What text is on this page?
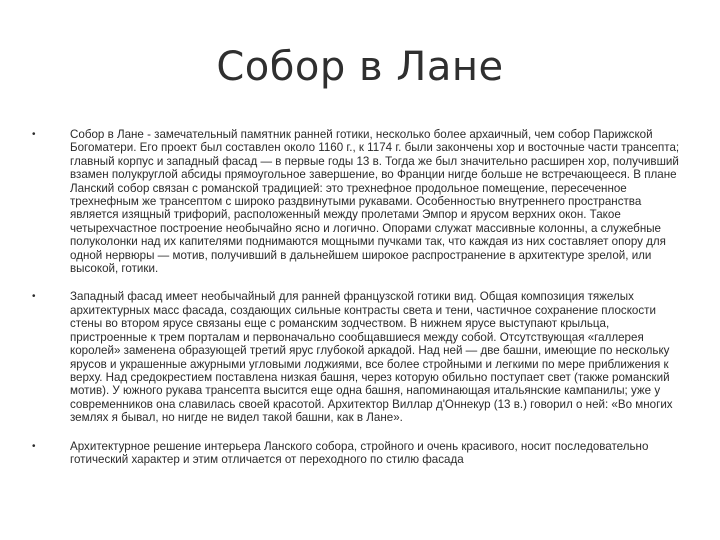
Собор в Лане
•	Собор в Лане - замечательный памятник ранней готики, несколько более архаичный, чем собор Парижской Богоматери. Его проект был составлен около 1160 г., к 1174 г. были закончены хор и восточные части трансепта; главный корпус и западный фасад — в первые годы 13 в. Тогда же был значительно расширен хор, получивший взамен полукруглой абсиды прямоугольное завершение, во Франции нигде больше не встречающееся. В плане Ланский собор связан с романской традицией: это трехнефное продольное помещение, пересеченное трехнефным же трансептом с широко раздвинутыми рукавами. Особенностью внутреннего пространства является изящный трифорий, расположенный между пролетами Эмпор и ярусом верхних окон. Такое четырехчастное построение необычайно ясно и логично. Опорами служат массивные колонны, а служебные полуколонки над их капителями поднимаются мощными пучками так, что каждая из них составляет опору для одной нервюры — мотив, получивший в дальнейшем широкое распространение в архитектуре зрелой, или высокой, готики.
•	Западный фасад имеет необычайный для ранней французской готики вид. Общая композиция тяжелых архитектурных масс фасада, создающих сильные контрасты света и тени, частичное сохранение плоскости стены во втором ярусе связаны еще с романским зодчеством. В нижнем ярусе выступают крыльца, пристроенные к трем порталам и первоначально сообщавшиеся между собой. Отсутствующая «галлерея королей» заменена образующей третий ярус глубокой аркадой. Над ней — две башни, имеющие по нескольку ярусов и украшенные ажурными угловыми лоджиями, все более стройными и легкими по мере приближения к верху. Над средокрестием поставлена низкая башня, через которую обильно поступает свет (также романский мотив). У южного рукава трансепта высится еще одна башня, напоминающая итальянские кампанилы; уже у современников она славилась своей красотой. Архитектор Виллар д'Оннекур (13 в.) говорил о ней: «Во многих землях я бывал, но нигде не видел такой башни, как в Лане».
•	Архитектурное решение интерьера Ланского собора, стройного и очень красивого, носит последовательно готический характер и этим отличается от переходного по стилю фасада
